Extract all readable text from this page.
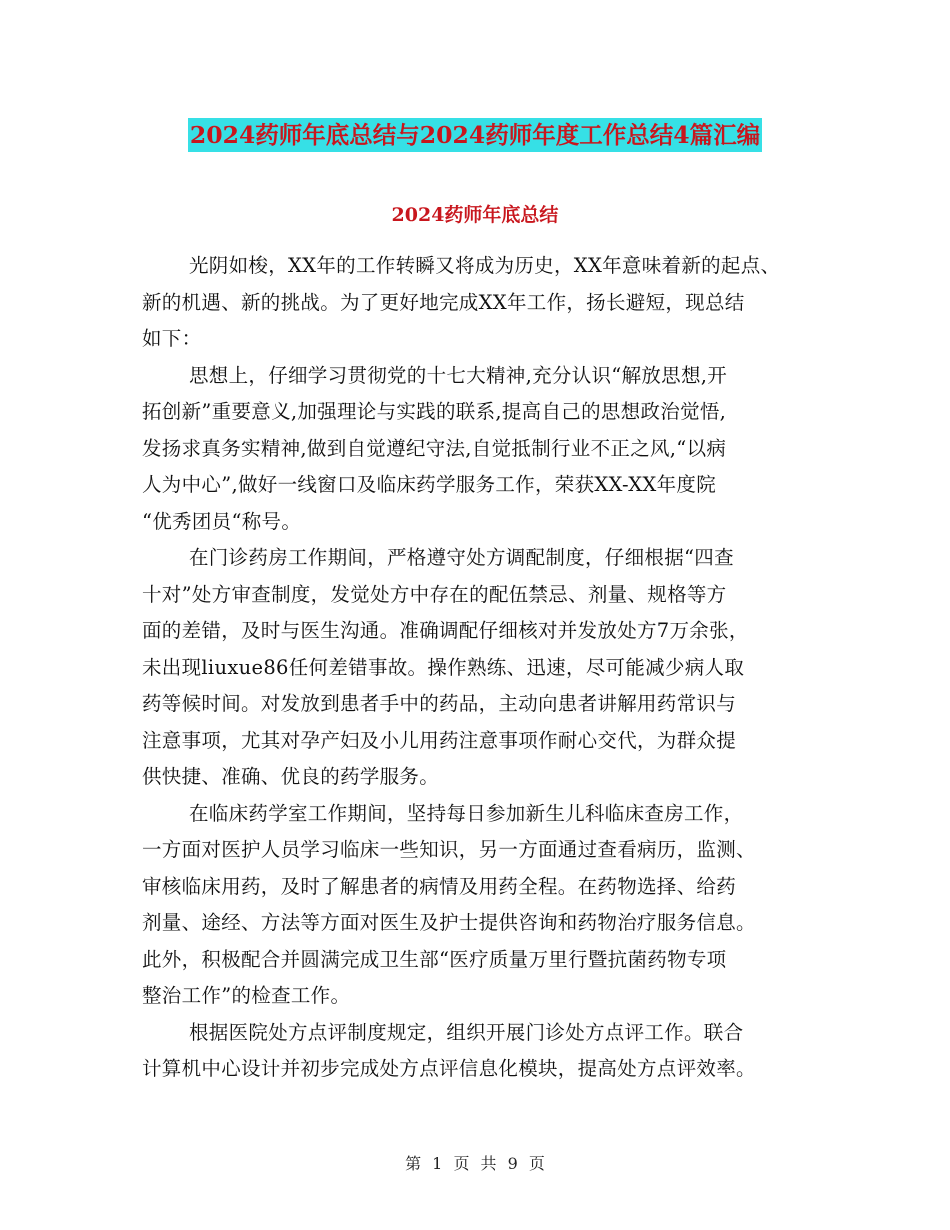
2024药师年底总结与2024药师年度工作总结4篇汇编
2024药师年底总结

光阴如梭，XX年的工作转瞬又将成为历史，XX年意味着新的起点、
新的机遇、新的挑战。为了更好地完成XX年工作，扬长避短，现总结
如下：

思想上，仔细学习贯彻党的十七大精神,充分认识“解放思想,开
拓创新”重要意义,加强理论与实践的联系,提高自己的思想政治觉悟,
发扬求真务实精神,做到自觉遵纪守法,自觉抵制行业不正之风,“以病
人为中心”,做好一线窗口及临床药学服务工作，荣获XX-XX年度院
“优秀团员“称号。

在门诊药房工作期间，严格遵守处方调配制度，仔细根据“四查
十对”处方审查制度，发觉处方中存在的配伍禁忌、剂量、规格等方
面的差错，及时与医生沟通。准确调配仔细核对并发放处方7万余张，
未出现liuxue86任何差错事故。操作熟练、迅速，尽可能减少病人取
药等候时间。对发放到患者手中的药品，主动向患者讲解用药常识与
注意事项，尤其对孕产妇及小儿用药注意事项作耐心交代，为群众提
供快捷、准确、优良的药学服务。

在临床药学室工作期间，坚持每日参加新生儿科临床查房工作，
一方面对医护人员学习临床一些知识，另一方面通过查看病历，监测、
审核临床用药，及时了解患者的病情及用药全程。在药物选择、给药
剂量、途经、方法等方面对医生及护士提供咨询和药物治疗服务信息。
此外，积极配合并圆满完成卫生部“医疗质量万里行暨抗菌药物专项
整治工作”的检查工作。

根据医院处方点评制度规定，组织开展门诊处方点评工作。联合
计算机中心设计并初步完成处方点评信息化模块，提高处方点评效率。

第 1 页 共 9 页
